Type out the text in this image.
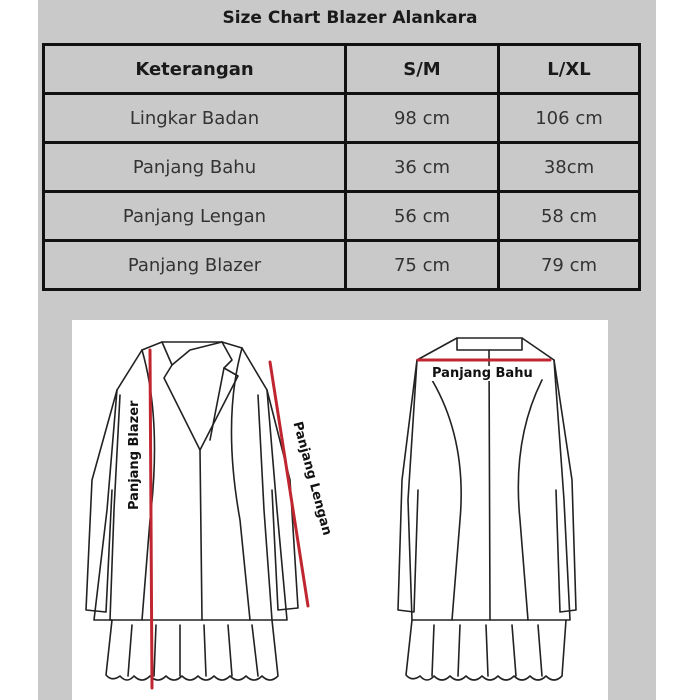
Size Chart Blazer Alankara
Keterangan	S/M	L/XL
Lingkar Badan	98 cm	106 cm
Panjang Bahu	36 cm	38cm
Panjang Lengan	56 cm	58 cm
Panjang Blazer	75 cm	79 cm
Panjang Blazer	Panjang Lengan
Panjang Bahu
